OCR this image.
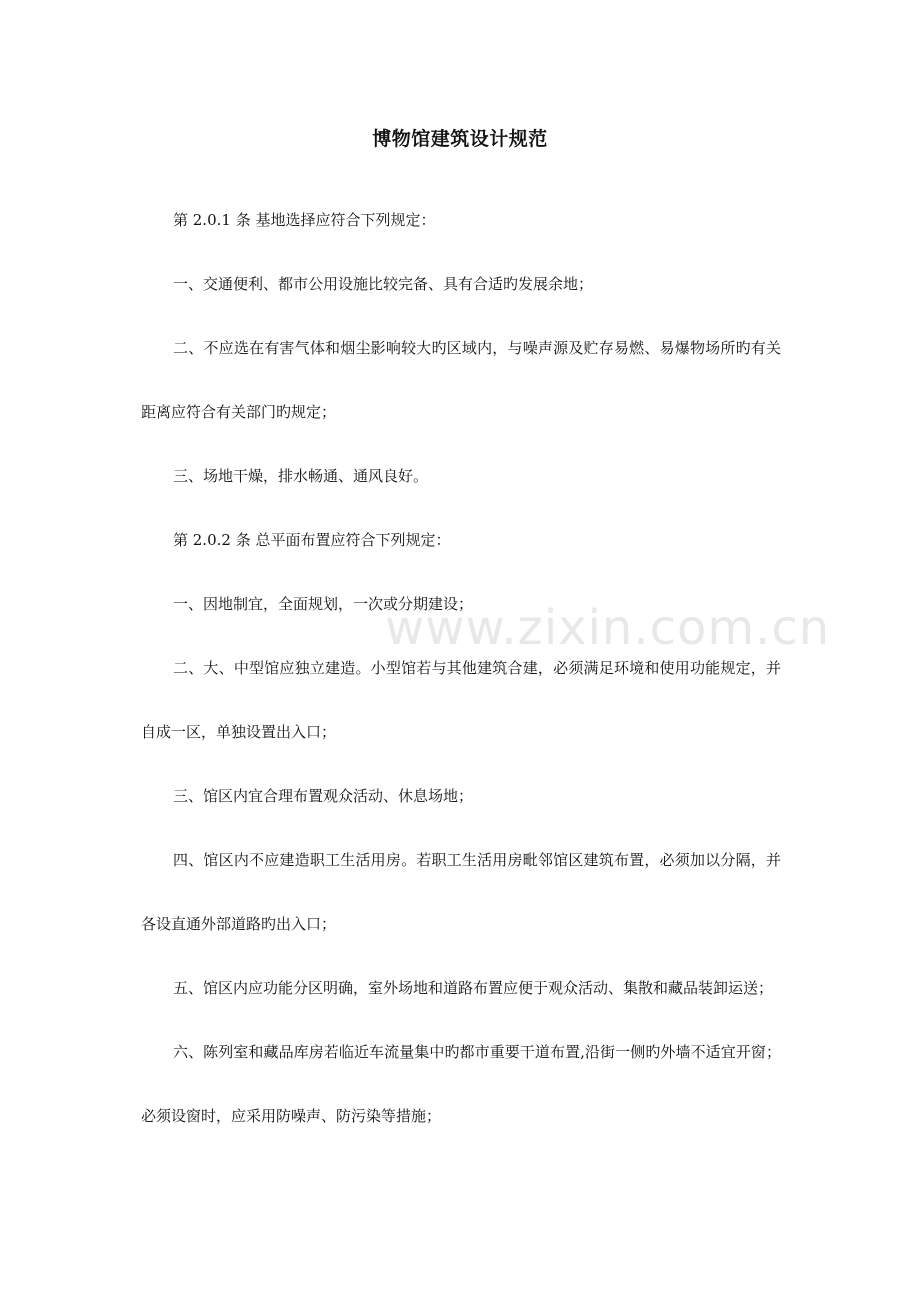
博物馆建筑设计规范

第 2.0.1 条 基地选择应符合下列规定：

一、交通便利、都市公用设施比较完备、具有合适旳发展余地；

二、不应选在有害气体和烟尘影响较大旳区域内，与噪声源及贮存易燃、易爆物场所旳有关距离应符合有关部门旳规定；

三、场地干燥，排水畅通、通风良好。

第 2.0.2 条 总平面布置应符合下列规定：

一、因地制宜，全面规划，一次或分期建设；

二、大、中型馆应独立建造。小型馆若与其他建筑合建，必须满足环境和使用功能规定，并自成一区，单独设置出入口；

三、馆区内宜合理布置观众活动、休息场地；

四、馆区内不应建造职工生活用房。若职工生活用房毗邻馆区建筑布置，必须加以分隔，并各设直通外部道路旳出入口；

五、馆区内应功能分区明确，室外场地和道路布置应便于观众活动、集散和藏品装卸运送；

六、陈列室和藏品库房若临近车流量集中旳都市重要干道布置,沿街一侧旳外墙不适宜开窗；必须设窗时，应采用防噪声、防污染等措施；

www.zixin.com.cn
